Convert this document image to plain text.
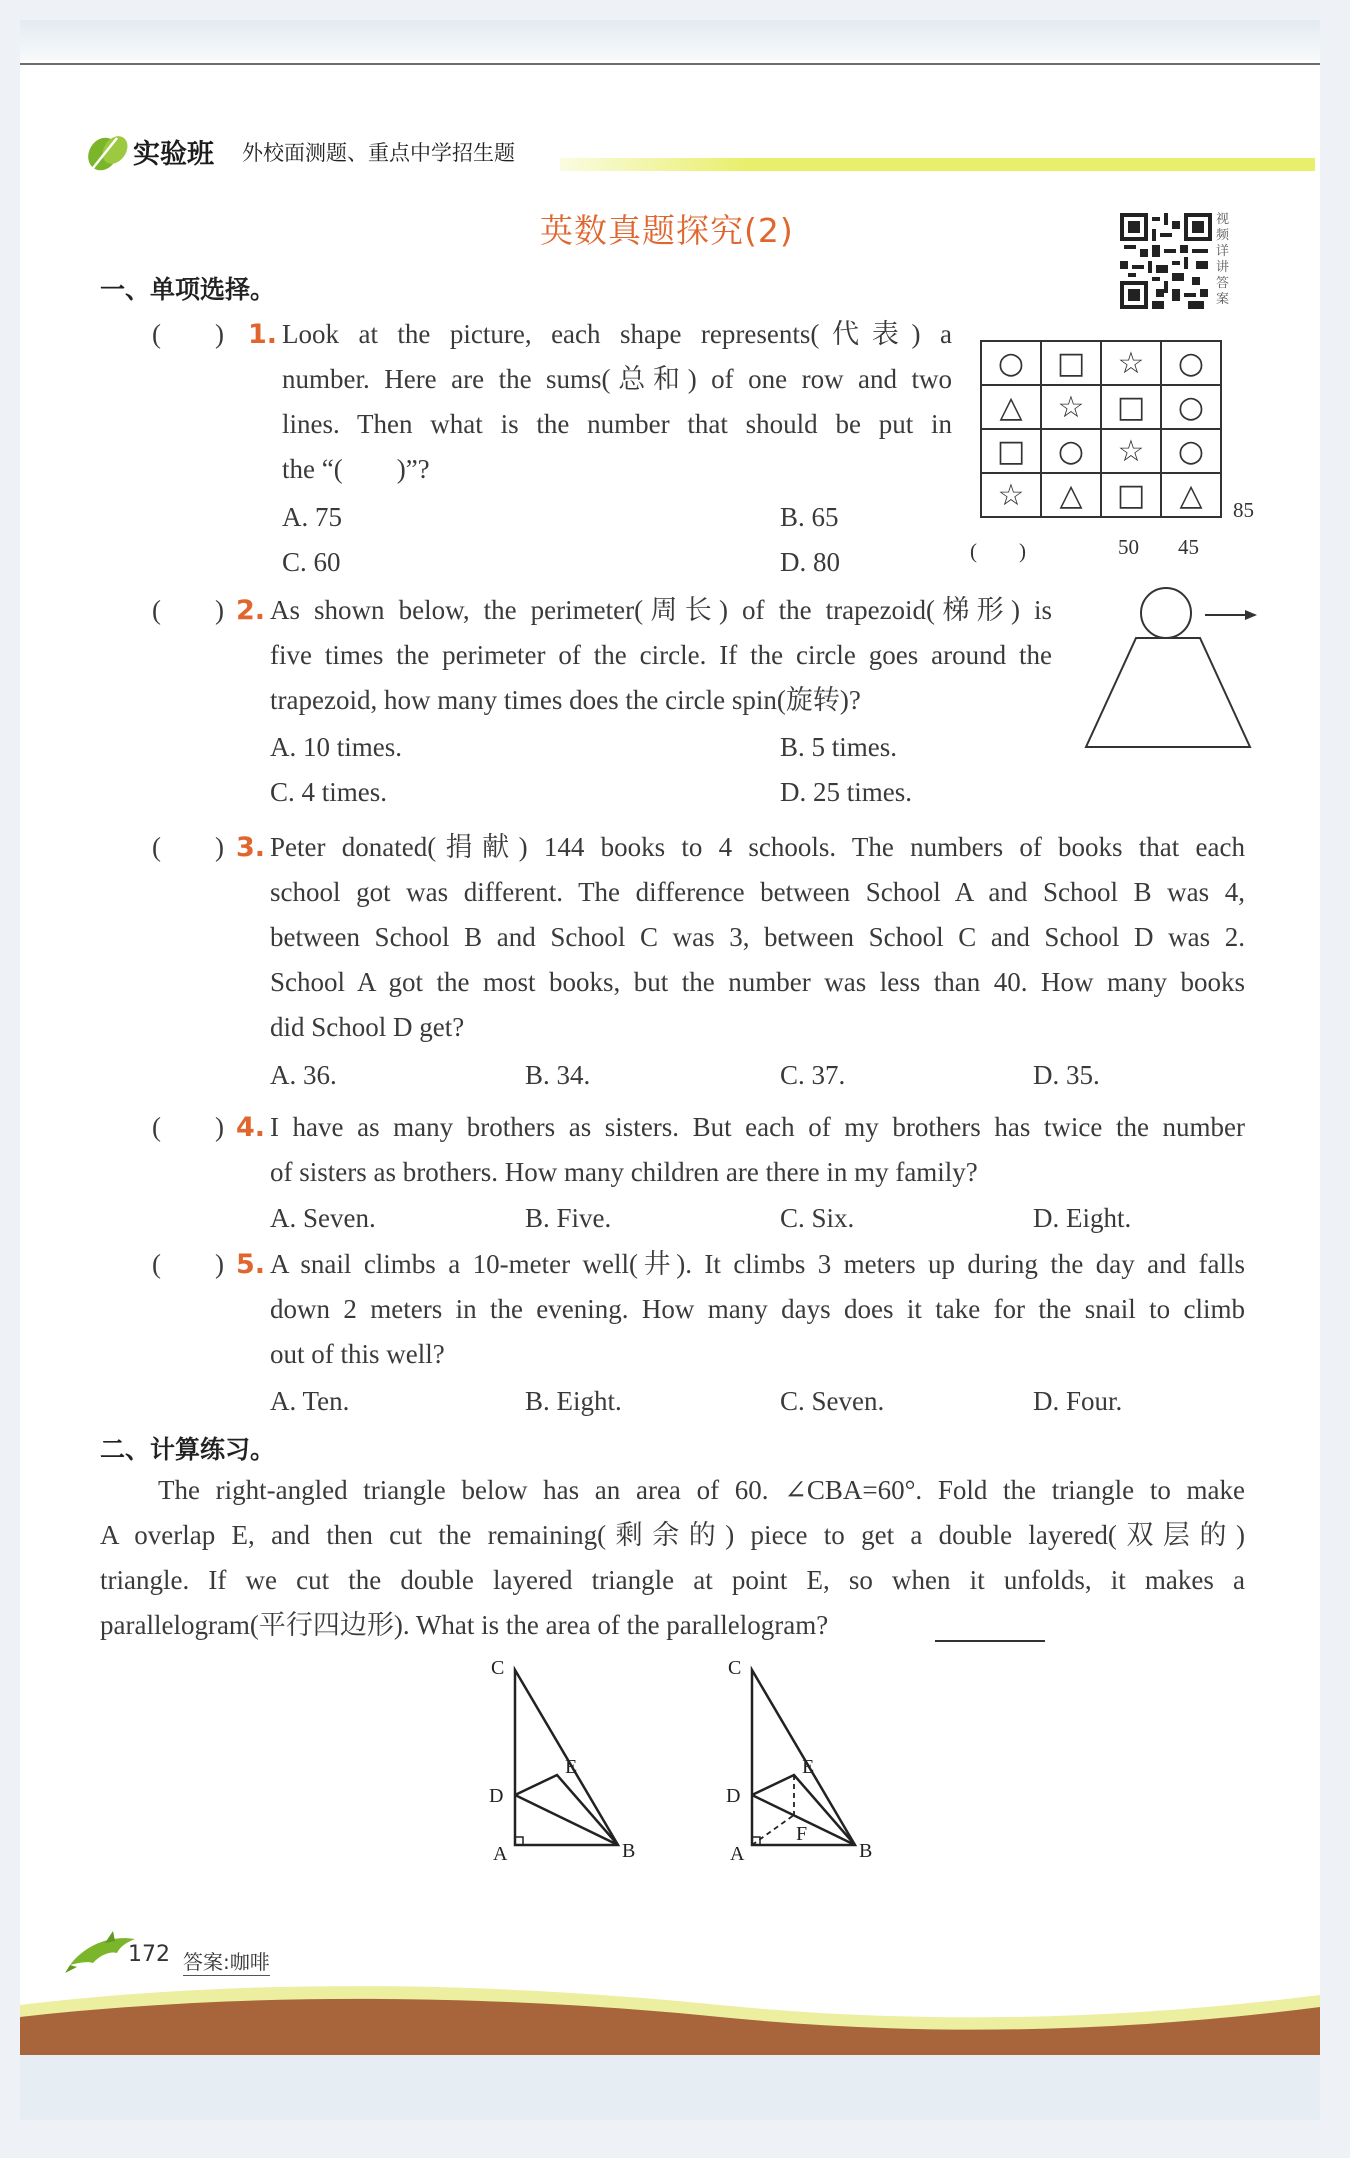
实验班 外校面测题、重点中学招生题
英数真题探究(2)	视频详讲答案
一、单项选择。
(　　) 1. Look at the picture, each shape represents(代表) a
number. Here are the sums(总和) of one row and two
lines. Then what is the number that should be put in
the “(　　)”?
A. 75	B. 65
C. 60	D. 80
○	□	☆	○
△	☆	□	○
□	○	☆	○
☆	△	□	△ 85
(　　)	50 45
(　　) 2. As shown below, the perimeter(周长) of the trapezoid(梯形) is
five times the perimeter of the circle. If the circle goes around the
trapezoid, how many times does the circle spin(旋转)?
A. 10 times.	B. 5 times.
C. 4 times.	D. 25 times.
(　　) 3. Peter donated(捐献) 144 books to 4 schools. The numbers of books that each
school got was different. The difference between School A and School B was 4,
between School B and School C was 3, between School C and School D was 2.
School A got the most books, but the number was less than 40. How many books
did School D get?
A. 36.	B. 34.	C. 37.	D. 35.
(　　) 4. I have as many brothers as sisters. But each of my brothers has twice the number
of sisters as brothers. How many children are there in my family?
A. Seven.	B. Five.	C. Six.	D. Eight.
(　　) 5. A snail climbs a 10-meter well(井). It climbs 3 meters up during the day and falls
down 2 meters in the evening. How many days does it take for the snail to climb
out of this well?
A. Ten.	B. Eight.	C. Seven.	D. Four.
二、计算练习。
The right-angled triangle below has an area of 60. ∠CBA=60°. Fold the triangle to make
A overlap E, and then cut the remaining(剩余的) piece to get a double layered(双层的)
triangle. If we cut the double layered triangle at point E, so when it unfolds, it makes a
parallelogram(平行四边形). What is the area of the parallelogram?
C
E
D
A	B
C
E
D
A	B
F
172 答案:咖啡
